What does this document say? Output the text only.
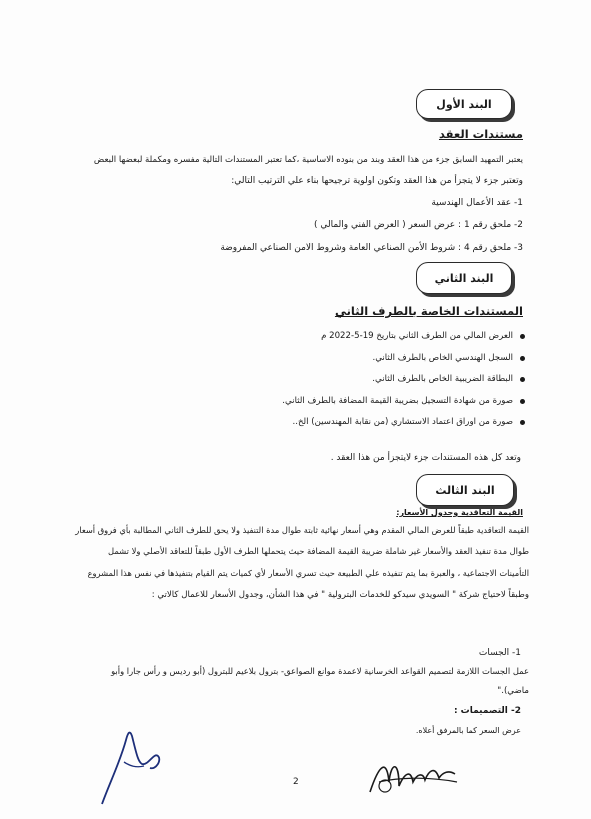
البند الأول
مستندات العقد
يعتبر التمهيد السابق جزء من هذا العقد وبند من بنوده الاساسية ،كما تعتبر المستندات التالية مفسره ومكملة لبعضها البعض
وتعتبر جزء لا يتجزأ من هذا العقد وتكون اولوية ترجيحها بناء علي الترتيب التالي:
1- عقد الأعمال الهندسية
2- ملحق رقم 1 : عرض السعر ( العرض الفني والمالي )
3- ملحق رقم 4 : شروط الأمن الصناعي العامة وشروط الامن الصناعي المفروضة
البند الثاني
المستندات الخاصة بالطرف الثاني
العرض المالي من الطرف الثاني بتاريخ 19-5-2022 م
السجل الهندسي الخاص بالطرف الثاني.
البطاقة الضريبية الخاص بالطرف الثاني.
صورة من شهادة التسجيل بضريبة القيمة المضافة بالطرف الثاني.
صورة من اوراق اعتماد الاستشاري (من نقابة المهندسين) الخ..
وتعد كل هذه المستندات جزء لايتجزأ من هذا العقد .
البند الثالث
القيمة التعاقدية وجدول الأسعار:
القيمة التعاقدية طبقاً للعرض المالي المقدم وهي أسعار نهائية ثابتة طوال مدة التنفيذ ولا يحق للطرف الثاني المطالبة بأي فروق أسعار
طوال مدة تنفيذ العقد والأسعار غير شاملة ضريبة القيمة المضافة حيث يتحملها الطرف الأول طبقاً للتعاقد الأصلي ولا تشمل
التأمينات الاجتماعية ، والعبرة بما يتم تنفيذه علي الطبيعة حيث تسري الأسعار لأي كميات يتم القيام بتنفيذها في نفس هذا المشروع
وطبقاً لاحتياج شركة " السويدي سيدكو للخدمات البترولية " في هذا الشأن، وجدول الأسعار للاعمال كالاتي :
1- الجسات
عمل الجسات اللازمة لتصميم القواعد الخرسانية لاعمدة موانع الصواعق- بترول بلاعيم للبترول (أبو رديس و رأس جارا وأبو
ماضي)."
2- التصميمات :
عرض السعر كما بالمرفق أعلاه.
2
